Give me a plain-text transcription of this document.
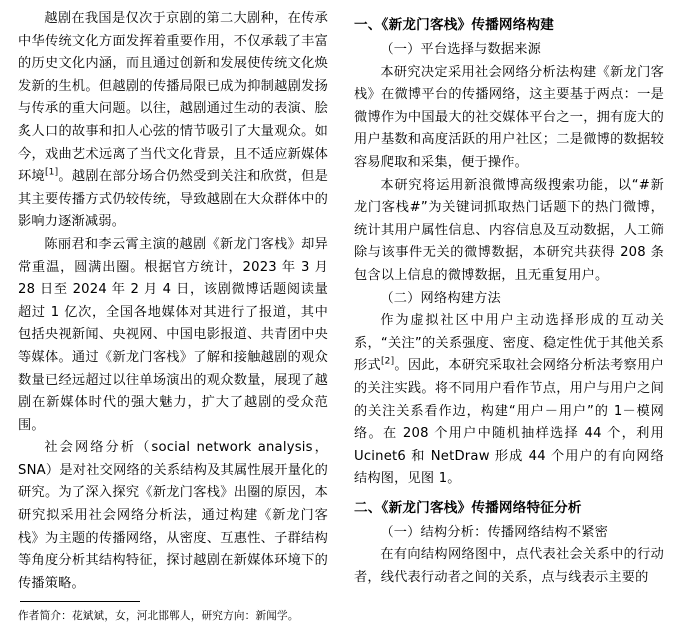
越剧在我国是仅次于京剧的第二大剧种，在传承中华传统文化方面发挥着重要作用，不仅承载了丰富的历史文化内涵，而且通过创新和发展使传统文化焕发新的生机。但越剧的传播局限已成为抑制越剧发扬与传承的重大问题。以往，越剧通过生动的表演、脍炙人口的故事和扣人心弦的情节吸引了大量观众。如今，戏曲艺术远离了当代文化背景，且不适应新媒体环境[1]。越剧在部分场合仍然受到关注和欣赏，但是其主要传播方式仍较传统，导致越剧在大众群体中的影响力逐渐减弱。

陈丽君和李云霄主演的越剧《新龙门客栈》却异常重温，圆满出圈。根据官方统计，2023 年 3 月 28 日至 2024 年 2 月 4 日，该剧微博话题阅读量超过 1 亿次，全国各地媒体对其进行了报道，其中包括央视新闻、央视网、中国电影报道、共青团中央等媒体。通过《新龙门客栈》了解和接触越剧的观众数量已经远超过以往单场演出的观众数量，展现了越剧在新媒体时代的强大魅力，扩大了越剧的受众范围。

社会网络分析（social network analysis，SNA）是对社交网络的关系结构及其属性展开量化的研究。为了深入探究《新龙门客栈》出圈的原因，本研究拟采用社会网络分析法，通过构建《新龙门客栈》为主题的传播网络，从密度、互惠性、子群结构等角度分析其结构特征，探讨越剧在新媒体环境下的传播策略。

作者简介：花斌斌，女，河北邯郸人，研究方向：新闻学。

一、《新龙门客栈》传播网络构建
（一）平台选择与数据来源

本研究决定采用社会网络分析法构建《新龙门客栈》在微博平台的传播网络，这主要基于两点：一是微博作为中国最大的社交媒体平台之一，拥有庞大的用户基数和高度活跃的用户社区；二是微博的数据较容易爬取和采集，便于操作。

本研究将运用新浪微博高级搜索功能，以“#新龙门客栈#”为关键词抓取热门话题下的热门微博，统计其用户属性信息、内容信息及互动数据，人工筛除与该事件无关的微博数据，本研究共获得 208 条包含以上信息的微博数据，且无重复用户。

（二）网络构建方法

作为虚拟社区中用户主动选择形成的互动关系，“关注”的关系强度、密度、稳定性优于其他关系形式[2]。因此，本研究采取社会网络分析法考察用户的关注实践。将不同用户看作节点，用户与用户之间的关注关系看作边，构建“用户－用户”的 1－模网络。在 208 个用户中随机抽样选择 44 个，利用 Ucinet6 和 NetDraw 形成 44 个用户的有向网络结构图，见图 1。

二、《新龙门客栈》传播网络特征分析
（一）结构分析：传播网络结构不紧密

在有向结构网络图中，点代表社会关系中的行动者，线代表行动者之间的关系，点与线表示主要的
